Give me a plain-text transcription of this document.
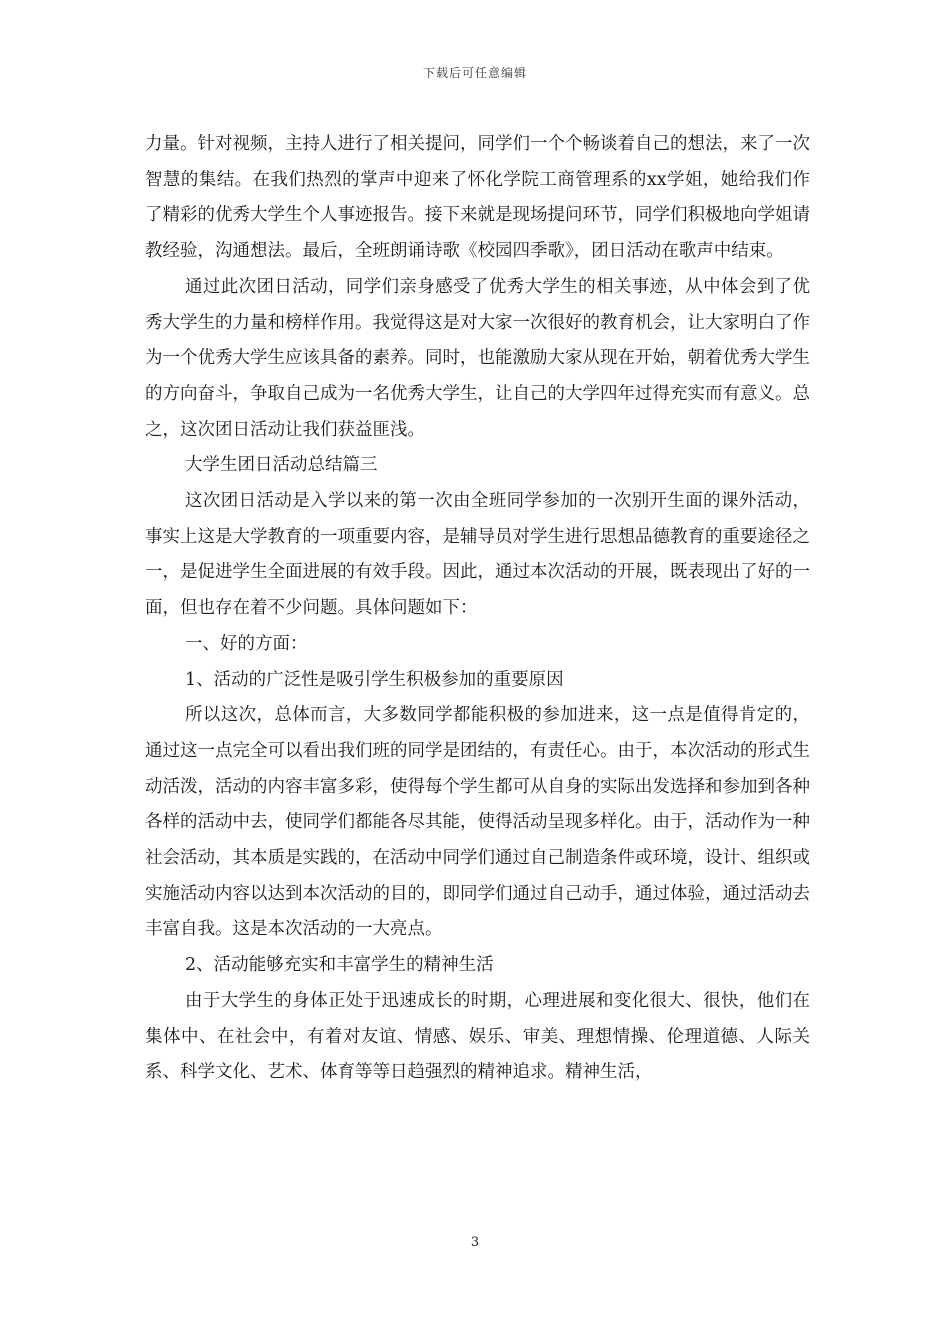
下载后可任意编辑

力量。针对视频，主持人进行了相关提问，同学们一个个畅谈着自己的想法，来了一次智慧的集结。在我们热烈的掌声中迎来了怀化学院工商管理系的xx学姐，她给我们作了精彩的优秀大学生个人事迹报告。接下来就是现场提问环节，同学们积极地向学姐请教经验，沟通想法。最后，全班朗诵诗歌《校园四季歌》，团日活动在歌声中结束。

通过此次团日活动，同学们亲身感受了优秀大学生的相关事迹，从中体会到了优秀大学生的力量和榜样作用。我觉得这是对大家一次很好的教育机会，让大家明白了作为一个优秀大学生应该具备的素养。同时，也能激励大家从现在开始，朝着优秀大学生的方向奋斗，争取自己成为一名优秀大学生，让自己的大学四年过得充实而有意义。总之，这次团日活动让我们获益匪浅。

大学生团日活动总结篇三

这次团日活动是入学以来的第一次由全班同学参加的一次别开生面的课外活动，事实上这是大学教育的一项重要内容，是辅导员对学生进行思想品德教育的重要途径之一，是促进学生全面进展的有效手段。因此，通过本次活动的开展，既表现出了好的一面，但也存在着不少问题。具体问题如下：

一、好的方面：

1、活动的广泛性是吸引学生积极参加的重要原因

所以这次，总体而言，大多数同学都能积极的参加进来，这一点是值得肯定的，通过这一点完全可以看出我们班的同学是团结的，有责任心。由于，本次活动的形式生动活泼，活动的内容丰富多彩，使得每个学生都可从自身的实际出发选择和参加到各种各样的活动中去，使同学们都能各尽其能，使得活动呈现多样化。由于，活动作为一种社会活动，其本质是实践的，在活动中同学们通过自己制造条件或环境，设计、组织或实施活动内容以达到本次活动的目的，即同学们通过自己动手，通过体验，通过活动去丰富自我。这是本次活动的一大亮点。

2、活动能够充实和丰富学生的精神生活

由于大学生的身体正处于迅速成长的时期，心理进展和变化很大、很快，他们在集体中、在社会中，有着对友谊、情感、娱乐、审美、理想情操、伦理道德、人际关系、科学文化、艺术、体育等等日趋强烈的精神追求。精神生活，

3
